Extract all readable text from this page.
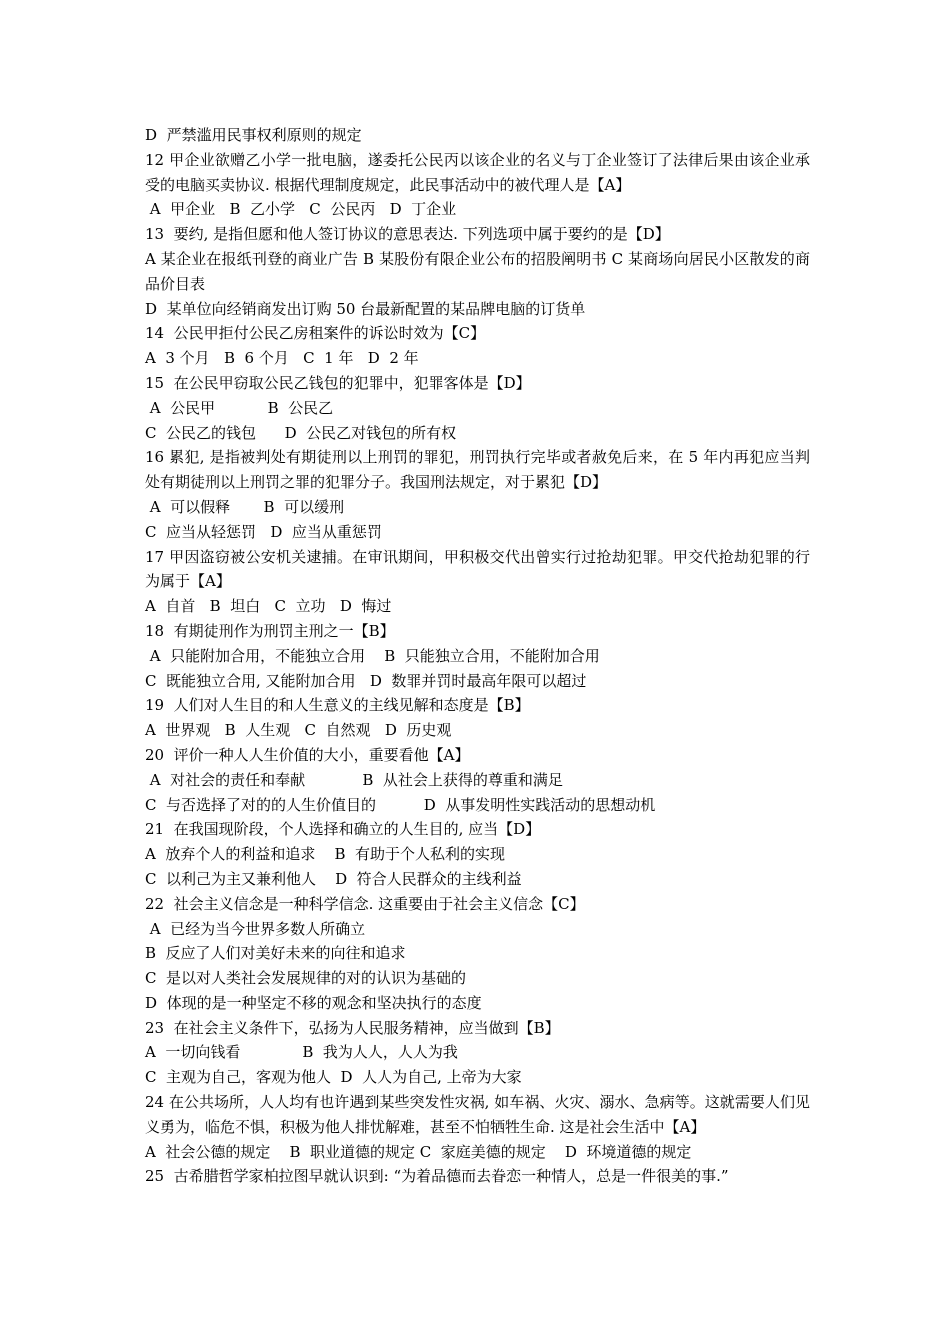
D  严禁滥用民事权利原则的规定
12 甲企业欲赠乙小学一批电脑，遂委托公民丙以该企业的名义与丁企业签订了法律后果由该企业承受的电脑买卖协议. 根据代理制度规定，此民事活动中的被代理人是【A】
A  甲企业   B  乙小学   C  公民丙   D  丁企业
13  要约, 是指但愿和他人签订协议的意思表达. 下列选项中属于要约的是【D】
A 某企业在报纸刊登的商业广告 B 某股份有限企业公布的招股阐明书 C 某商场向居民小区散发的商品价目表
D  某单位向经销商发出订购 50 台最新配置的某品牌电脑的订货单
14  公民甲拒付公民乙房租案件的诉讼时效为【C】
A  3 个月   B  6 个月   C  1 年   D  2 年
15  在公民甲窃取公民乙钱包的犯罪中，犯罪客体是【D】
A  公民甲           B  公民乙
C  公民乙的钱包      D  公民乙对钱包的所有权
16 累犯, 是指被判处有期徒刑以上刑罚的罪犯，刑罚执行完毕或者赦免后来，在 5 年内再犯应当判处有期徒刑以上刑罚之罪的犯罪分子。我国刑法规定，对于累犯【D】
A  可以假释       B  可以缓刑
C  应当从轻惩罚   D  应当从重惩罚
17 甲因盗窃被公安机关逮捕。在审讯期间，甲积极交代出曾实行过抢劫犯罪。甲交代抢劫犯罪的行为属于【A】
A  自首   B  坦白   C  立功   D  悔过
18  有期徒刑作为刑罚主刑之一【B】
A  只能附加合用，不能独立合用    B  只能独立合用，不能附加合用
C  既能独立合用, 又能附加合用   D  数罪并罚时最高年限可以超过
19  人们对人生目的和人生意义的主线见解和态度是【B】
A  世界观   B  人生观   C  自然观   D  历史观
20  评价一种人人生价值的大小，重要看他【A】
A  对社会的责任和奉献            B  从社会上获得的尊重和满足
C  与否选择了对的的人生价值目的          D  从事发明性实践活动的思想动机
21  在我国现阶段，个人选择和确立的人生目的, 应当【D】
A  放弃个人的利益和追求    B  有助于个人私利的实现
C  以利己为主又兼利他人    D  符合人民群众的主线利益
22  社会主义信念是一种科学信念. 这重要由于社会主义信念【C】
A  已经为当今世界多数人所确立
B  反应了人们对美好未来的向往和追求
C  是以对人类社会发展规律的对的认识为基础的
D  体现的是一种坚定不移的观念和坚决执行的态度
23  在社会主义条件下，弘扬为人民服务精神，应当做到【B】
A  一切向钱看             B  我为人人，人人为我
C  主观为自己，客观为他人  D  人人为自己, 上帝为大家
24 在公共场所，人人均有也许遇到某些突发性灾祸, 如车祸、火灾、溺水、急病等。这就需要人们见义勇为，临危不惧，积极为他人排忧解难，甚至不怕牺牲生命. 这是社会生活中【A】
A  社会公德的规定    B  职业道德的规定 C  家庭美德的规定    D  环境道德的规定
25  古希腊哲学家柏拉图早就认识到: “为着品德而去眷恋一种情人，总是一件很美的事.”
